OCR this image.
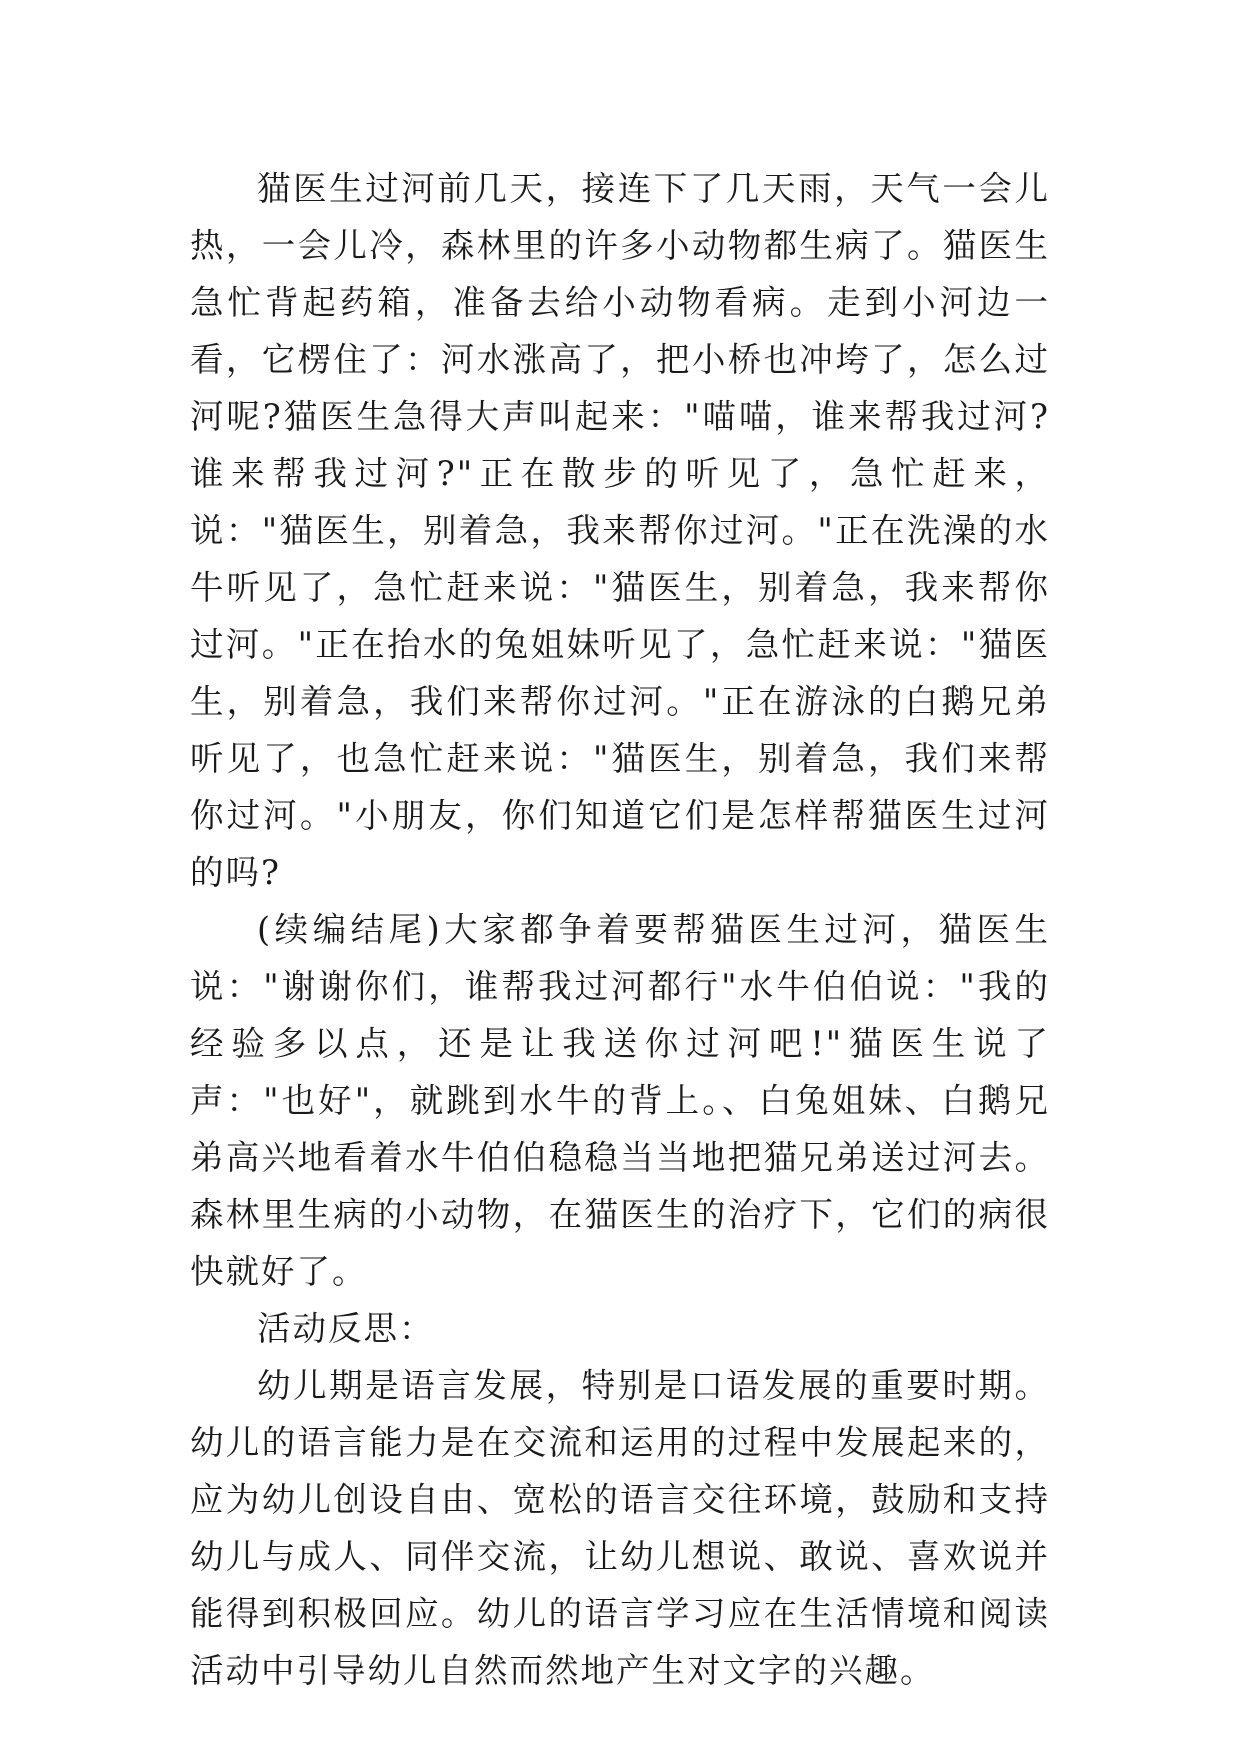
猫医生过河前几天，接连下了几天雨，天气一会儿热，一会儿冷，森林里的许多小动物都生病了。猫医生急忙背起药箱，准备去给小动物看病。走到小河边一看，它楞住了：河水涨高了，把小桥也冲垮了，怎么过河呢?猫医生急得大声叫起来："喵喵，谁来帮我过河?谁来帮我过河?"正在散步的听见了，急忙赶来，说："猫医生，别着急，我来帮你过河。"正在洗澡的水牛听见了，急忙赶来说："猫医生，别着急，我来帮你过河。"正在抬水的兔姐妹听见了，急忙赶来说："猫医生，别着急，我们来帮你过河。"正在游泳的白鹅兄弟听见了，也急忙赶来说："猫医生，别着急，我们来帮你过河。"小朋友，你们知道它们是怎样帮猫医生过河的吗?

(续编结尾)大家都争着要帮猫医生过河，猫医生说："谢谢你们，谁帮我过河都行"水牛伯伯说："我的经验多以点，还是让我送你过河吧!"猫医生说了声："也好"，就跳到水牛的背上。、白兔姐妹、白鹅兄弟高兴地看着水牛伯伯稳稳当当地把猫兄弟送过河去。森林里生病的小动物，在猫医生的治疗下，它们的病很快就好了。

活动反思：

幼儿期是语言发展，特别是口语发展的重要时期。幼儿的语言能力是在交流和运用的过程中发展起来的，应为幼儿创设自由、宽松的语言交往环境，鼓励和支持幼儿与成人、同伴交流，让幼儿想说、敢说、喜欢说并能得到积极回应。幼儿的语言学习应在生活情境和阅读活动中引导幼儿自然而然地产生对文字的兴趣。
